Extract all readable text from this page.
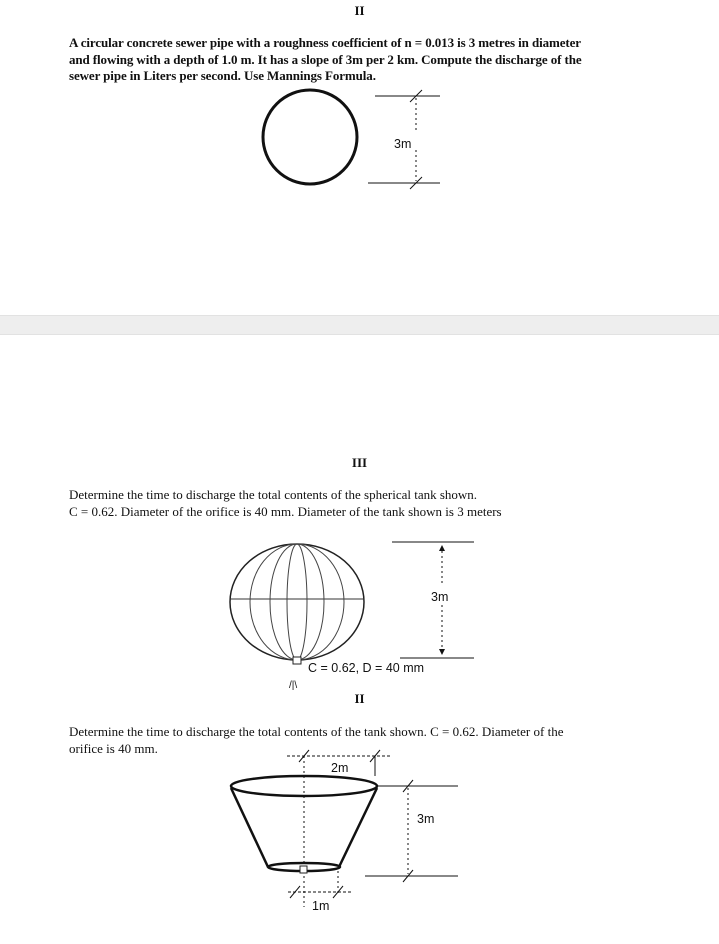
II
A circular concrete sewer pipe with a roughness coefficient of n = 0.013 is 3 metres in diameter
and flowing with a depth of 1.0 m. It has a slope of 3m per 2 km. Compute the discharge of the
sewer pipe in Liters per second. Use Mannings Formula.
3m
III
Determine the time to discharge the total contents of the spherical tank shown.
C = 0.62. Diameter of the orifice is 40 mm. Diameter of the tank shown is 3 meters
3m
C = 0.62, D = 40 mm
/|\
II
Determine the time to discharge the total contents of the tank shown. C = 0.62. Diameter of the
orifice is 40 mm.
2m
3m
1m
